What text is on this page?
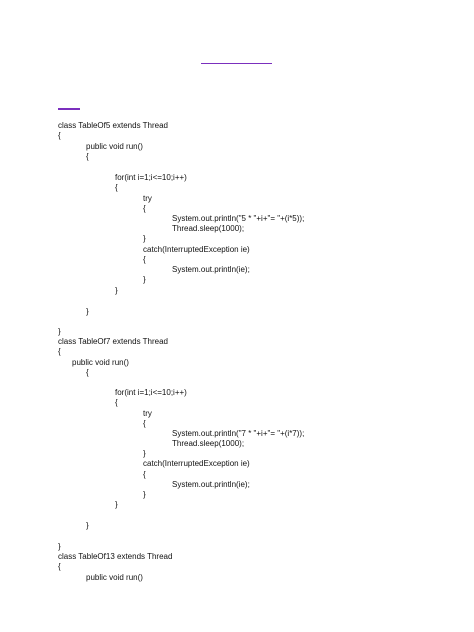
class TableOf5 extends Thread
{
public void run()
{
for(int i=1;i<=10;i++)
{
try
{
System.out.println("5 * "+i+"= "+(i*5));
Thread.sleep(1000);
}
catch(InterruptedException ie)
{
System.out.println(ie);
}
}
}
}
class TableOf7 extends Thread
{
public void run()
{
for(int i=1;i<=10;i++)
{
try
{
System.out.println("7 * "+i+"= "+(i*7));
Thread.sleep(1000);
}
catch(InterruptedException ie)
{
System.out.println(ie);
}
}
}
}
class TableOf13 extends Thread
{
public void run()
